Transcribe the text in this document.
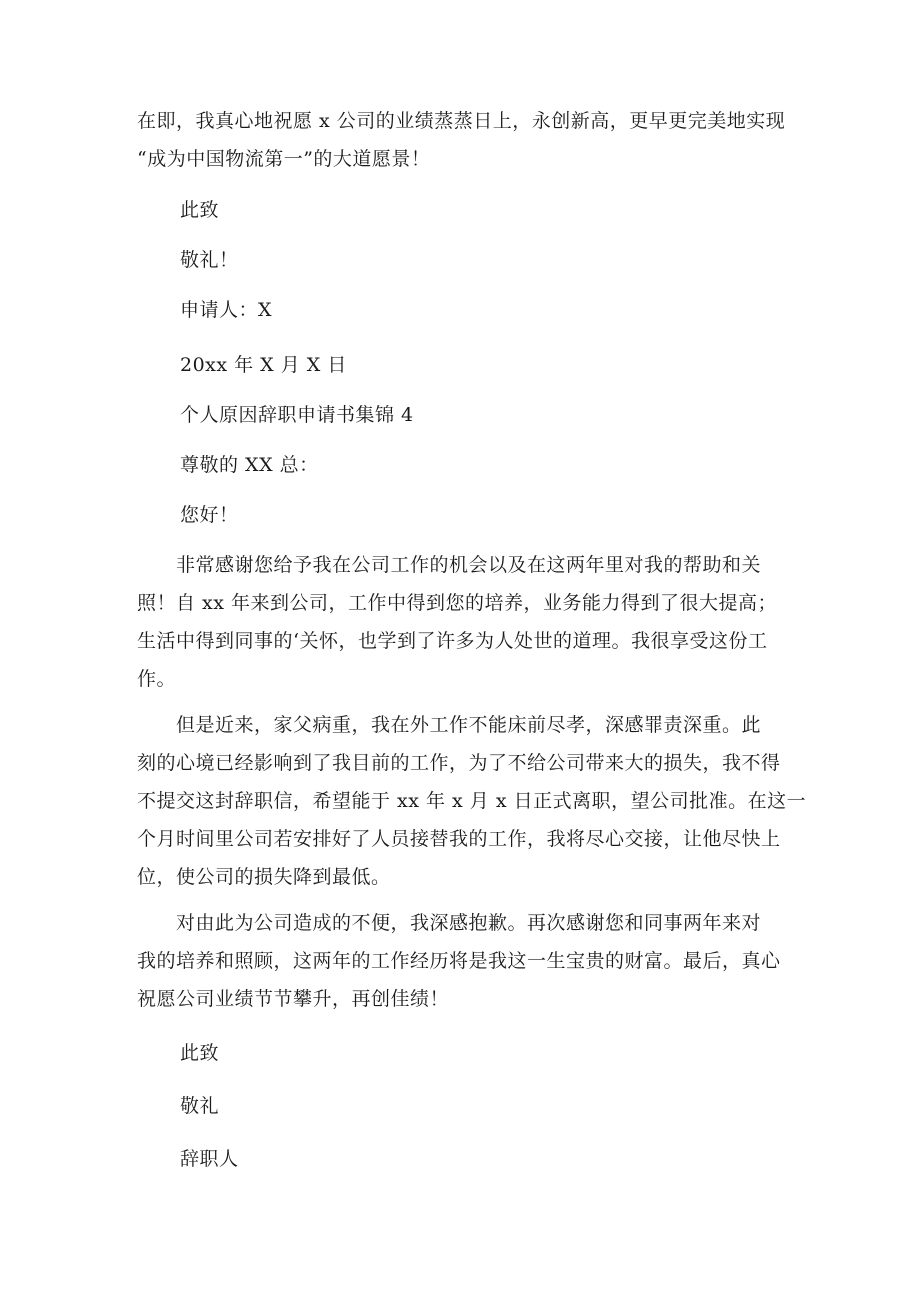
在即，我真心地祝愿 x 公司的业绩蒸蒸日上，永创新高，更早更完美地实现
“成为中国物流第一”的大道愿景！

此致

敬礼！

申请人：X

20xx 年 X 月 X 日

个人原因辞职申请书集锦 4

尊敬的 XX 总：

您好！

　　非常感谢您给予我在公司工作的机会以及在这两年里对我的帮助和关
照！自 xx 年来到公司，工作中得到您的培养，业务能力得到了很大提高；
生活中得到同事的‘关怀，也学到了许多为人处世的道理。我很享受这份工
作。

　　但是近来，家父病重，我在外工作不能床前尽孝，深感罪责深重。此
刻的心境已经影响到了我目前的工作，为了不给公司带来大的损失，我不得
不提交这封辞职信，希望能于 xx 年 x 月 x 日正式离职，望公司批准。在这一
个月时间里公司若安排好了人员接替我的工作，我将尽心交接，让他尽快上
位，使公司的损失降到最低。

　　对由此为公司造成的不便，我深感抱歉。再次感谢您和同事两年来对
我的培养和照顾，这两年的工作经历将是我这一生宝贵的财富。最后，真心
祝愿公司业绩节节攀升，再创佳绩！

此致

敬礼

辞职人
